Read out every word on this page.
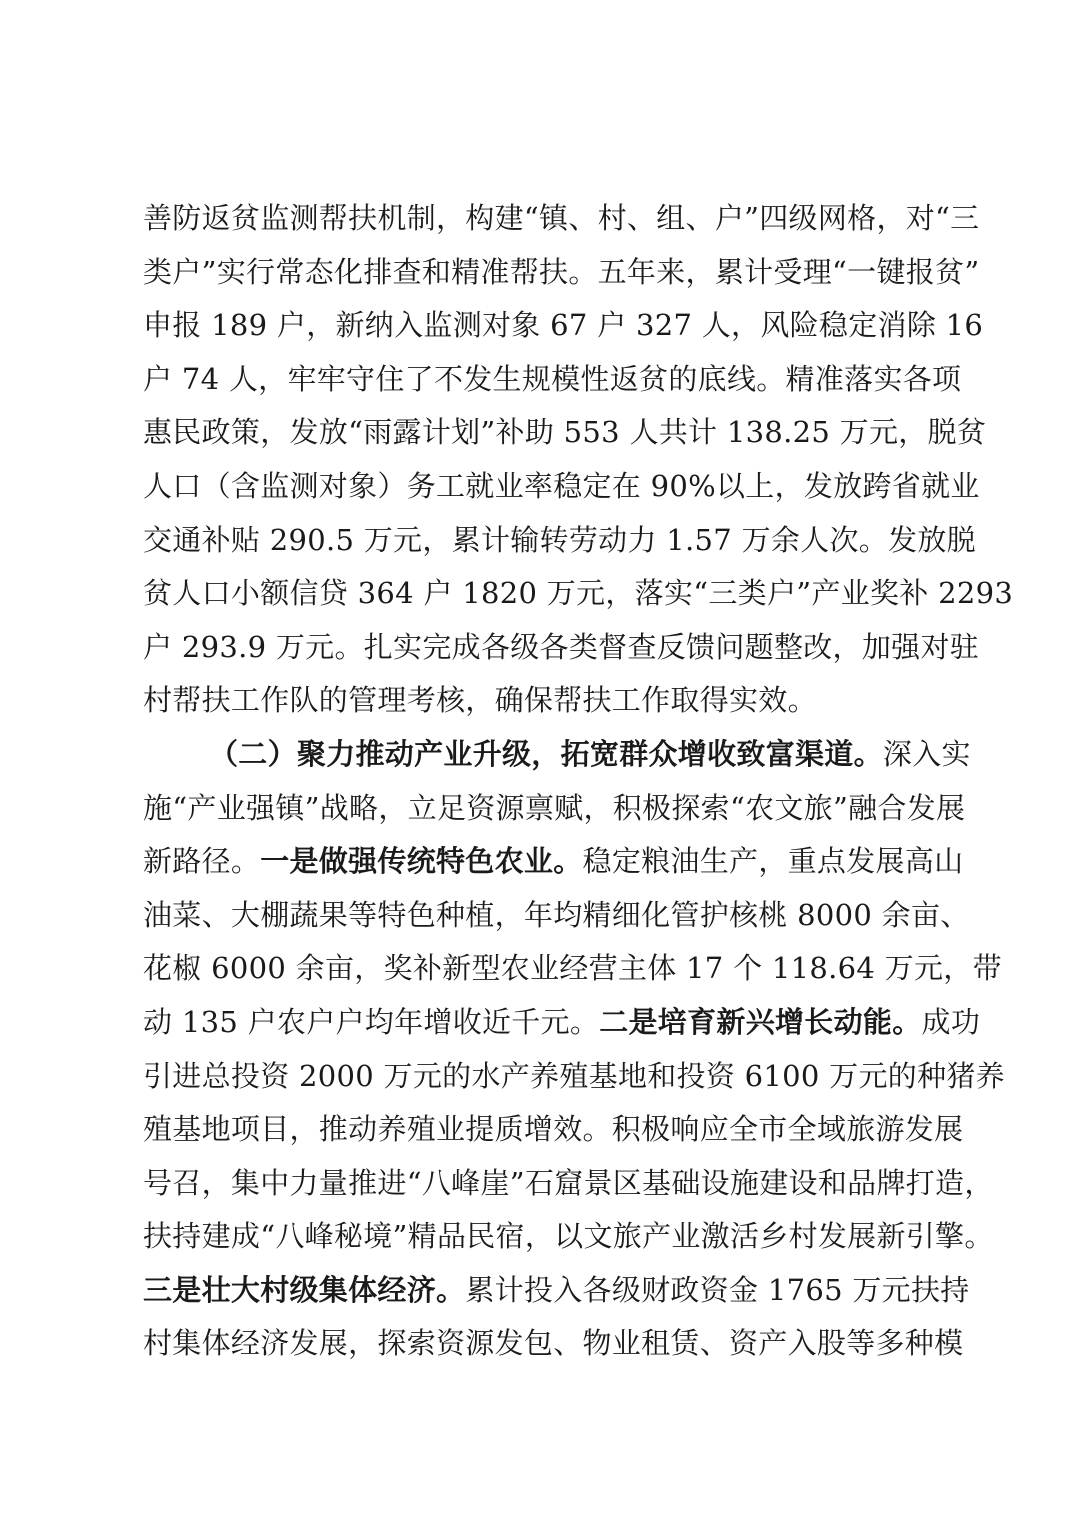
善防返贫监测帮扶机制，构建“镇、村、组、户”四级网格，对“三
类户”实行常态化排查和精准帮扶。五年来，累计受理“一键报贫”
申报 189 户，新纳入监测对象 67 户 327 人，风险稳定消除 16
户 74 人，牢牢守住了不发生规模性返贫的底线。精准落实各项
惠民政策，发放“雨露计划”补助 553 人共计 138.25 万元，脱贫
人口（含监测对象）务工就业率稳定在 90%以上，发放跨省就业
交通补贴 290.5 万元，累计输转劳动力 1.57 万余人次。发放脱
贫人口小额信贷 364 户 1820 万元，落实“三类户”产业奖补 2293
户 293.9 万元。扎实完成各级各类督查反馈问题整改，加强对驻
村帮扶工作队的管理考核，确保帮扶工作取得实效。
（二）聚力推动产业升级，拓宽群众增收致富渠道。深入实
施“产业强镇”战略，立足资源禀赋，积极探索“农文旅”融合发展
新路径。一是做强传统特色农业。稳定粮油生产，重点发展高山
油菜、大棚蔬果等特色种植，年均精细化管护核桃 8000 余亩、
花椒 6000 余亩，奖补新型农业经营主体 17 个 118.64 万元，带
动 135 户农户户均年增收近千元。二是培育新兴增长动能。成功
引进总投资 2000 万元的水产养殖基地和投资 6100 万元的种猪养
殖基地项目，推动养殖业提质增效。积极响应全市全域旅游发展
号召，集中力量推进“八峰崖”石窟景区基础设施建设和品牌打造，
扶持建成“八峰秘境”精品民宿，以文旅产业激活乡村发展新引擎。
三是壮大村级集体经济。累计投入各级财政资金 1765 万元扶持
村集体经济发展，探索资源发包、物业租赁、资产入股等多种模
